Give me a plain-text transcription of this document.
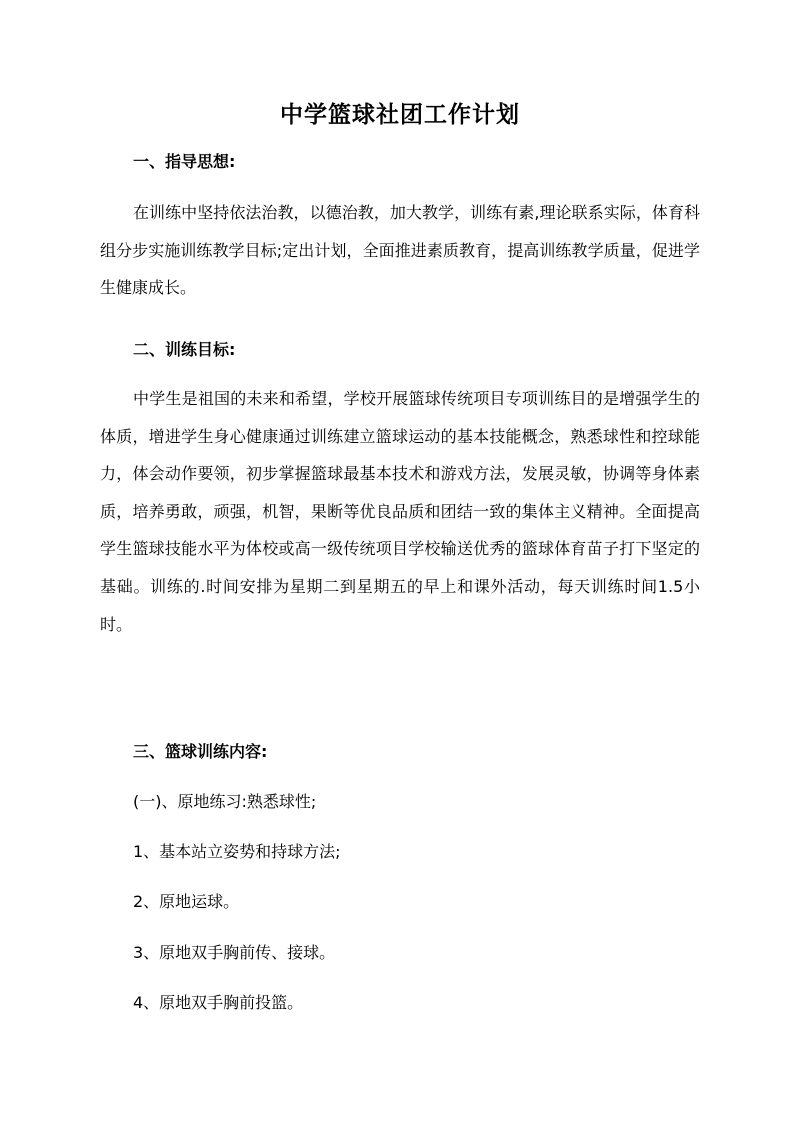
中学篮球社团工作计划
一、指导思想:
在训练中坚持依法治教，以德治教，加大教学，训练有素,理论联系实际，体育科组分步实施训练教学目标;定出计划，全面推进素质教育，提高训练教学质量，促进学生健康成长。
二、训练目标:
中学生是祖国的未来和希望，学校开展篮球传统项目专项训练目的是增强学生的体质，增进学生身心健康通过训练建立篮球运动的基本技能概念，熟悉球性和控球能力，体会动作要领，初步掌握篮球最基本技术和游戏方法，发展灵敏，协调等身体素质，培养勇敢，顽强，机智，果断等优良品质和团结一致的集体主义精神。全面提高学生篮球技能水平为体校或高一级传统项目学校输送优秀的篮球体育苗子打下坚定的基础。训练的.时间安排为星期二到星期五的早上和课外活动，每天训练时间1.5小时。
三、篮球训练内容:
(一)、原地练习:熟悉球性;
1、基本站立姿势和持球方法;
2、原地运球。
3、原地双手胸前传、接球。
4、原地双手胸前投篮。
